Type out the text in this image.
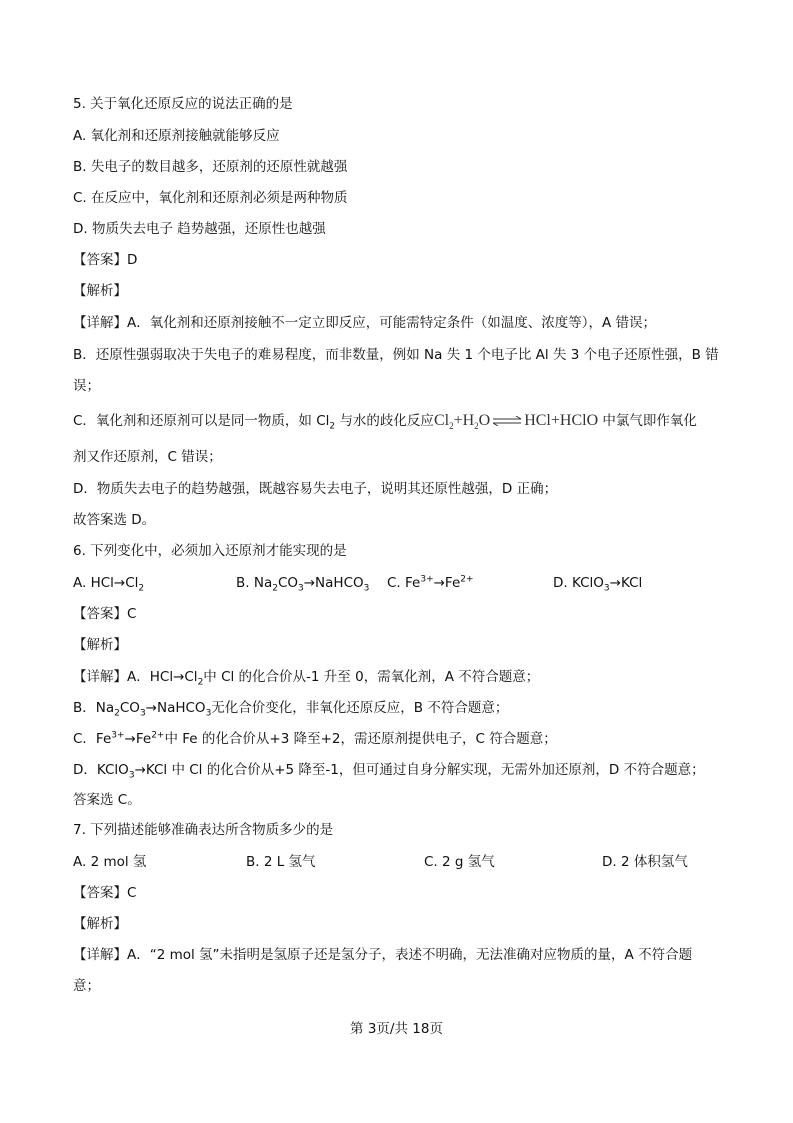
5. 关于氧化还原反应的说法正确的是
A. 氧化剂和还原剂接触就能够反应
B. 失电子的数目越多，还原剂的还原性就越强
C. 在反应中，氧化剂和还原剂必须是两种物质
D. 物质失去电子 趋势越强，还原性也越强
【答案】D
【解析】
【详解】A．氧化剂和还原剂接触不一定立即反应，可能需特定条件（如温度、浓度等），A 错误；
B．还原性强弱取决于失电子的难易程度，而非数量，例如 Na 失 1 个电子比 Al 失 3 个电子还原性强，B 错
误；
C．氧化剂和还原剂可以是同一物质，如 $Cl_2$ 与水的歧化反应$Cl_2+H_2O$ ⇌ HCl+HClO 中氯气即作氧化
剂又作还原剂，C 错误；
D．物质失去电子的趋势越强，既越容易失去电子，说明其还原性越强，D 正确；
故答案选 D。
6. 下列变化中，必须加入还原剂才能实现的是
A. $HCl\to Cl_2$	B. $Na_2CO_3\to NaHCO_3$ C. $Fe^{3+}\to Fe^{2+}$	D. KClO$_3$→KCl
【答案】C
【解析】
【详解】A．$HCl\to Cl_2$中 Cl 的化合价从-1 升至 0，需氧化剂，A 不符合题意；
B．$Na_2CO_3\to NaHCO_3$无化合价变化，非氧化还原反应，B 不符合题意；
C．$Fe^{3+}\to Fe^{2+}$中 Fe 的化合价从+3 降至+2，需还原剂提供电子，C 符合题意；
D．KClO$_3$→KCl 中 Cl 的化合价从+5 降至-1，但可通过自身分解实现，无需外加还原剂，D 不符合题意；
答案选 C。
7. 下列描述能够准确表达所含物质多少的是
A. 2 mol 氢	B. 2 L 氢气	C. 2 g 氢气	D. 2 体积氢气
【答案】C
【解析】
【详解】A．“2 mol 氢”未指明是氢原子还是氢分子，表述不明确，无法准确对应物质的量，A 不符合题
意；
第 3页/共 18页
